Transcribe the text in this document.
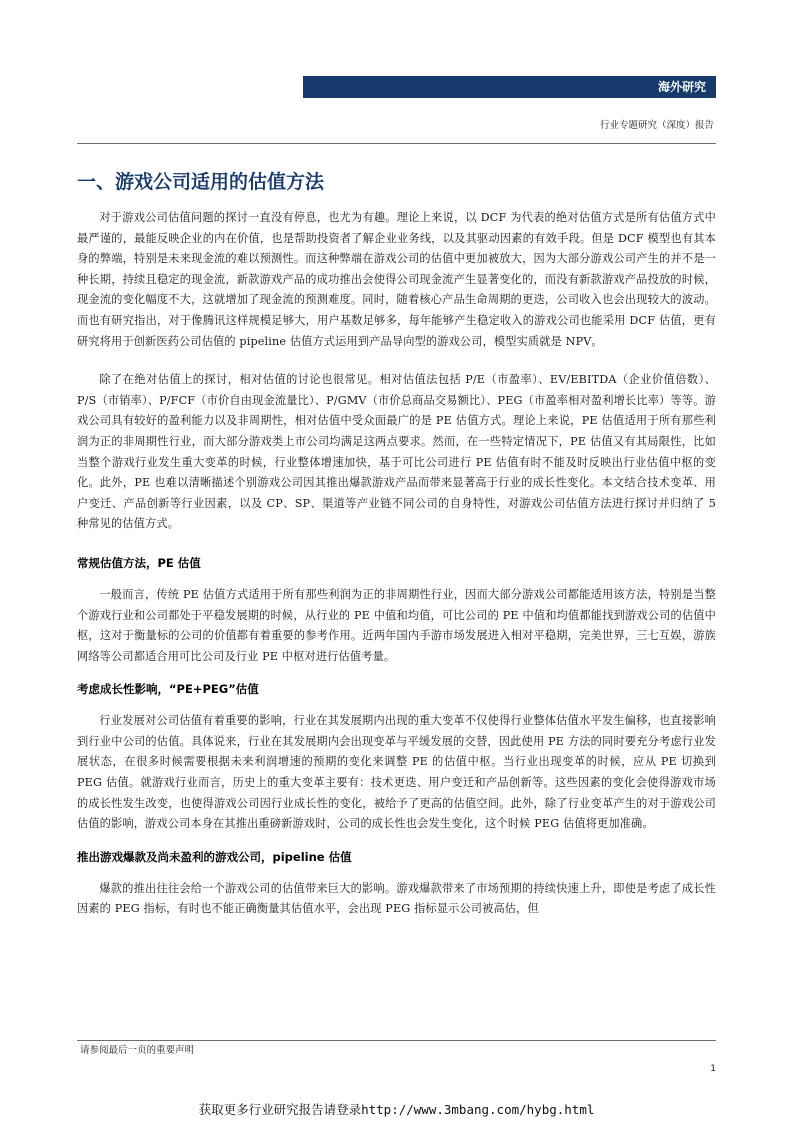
海外研究
行业专题研究（深度）报告
一、游戏公司适用的估值方法

对于游戏公司估值问题的探讨一直没有停息，也尤为有趣。理论上来说，以 DCF 为代表的绝对估值方式是所有估值方式中最严谨的，最能反映企业的内在价值，也是帮助投资者了解企业业务线，以及其驱动因素的有效手段。但是 DCF 模型也有其本身的弊端，特别是未来现金流的难以预测性。而这种弊端在游戏公司的估值中更加被放大，因为大部分游戏公司产生的并不是一种长期，持续且稳定的现金流，新款游戏产品的成功推出会使得公司现金流产生显著变化的，而没有新款游戏产品投放的时候，现金流的变化幅度不大，这就增加了现金流的预测难度。同时，随着核心产品生命周期的更迭，公司收入也会出现较大的波动。而也有研究指出，对于像腾讯这样规模足够大，用户基数足够多，每年能够产生稳定收入的游戏公司也能采用 DCF 估值，更有研究将用于创新医药公司估值的 pipeline 估值方式运用到产品导向型的游戏公司，模型实质就是 NPV。

除了在绝对估值上的探讨，相对估值的讨论也很常见。相对估值法包括 P/E（市盈率）、EV/EBITDA（企业价值倍数）、P/S（市销率）、P/FCF（市价自由现金流量比）、P/GMV（市价总商品交易额比）、PEG（市盈率相对盈利增长比率）等等。游戏公司具有较好的盈利能力以及非周期性，相对估值中受众面最广的是 PE 估值方式。理论上来说，PE 估值适用于所有那些利润为正的非周期性行业，而大部分游戏类上市公司均满足这两点要求。然而，在一些特定情况下，PE 估值又有其局限性，比如当整个游戏行业发生重大变革的时候，行业整体增速加快，基于可比公司进行 PE 估值有时不能及时反映出行业估值中枢的变化。此外，PE 也难以清晰描述个别游戏公司因其推出爆款游戏产品而带来显著高于行业的成长性变化。本文结合技术变革、用户变迁、产品创新等行业因素，以及 CP、SP、渠道等产业链不同公司的自身特性，对游戏公司估值方法进行探讨并归纳了 5 种常见的估值方式。

常规估值方法，PE 估值

一般而言，传统 PE 估值方式适用于所有那些利润为正的非周期性行业，因而大部分游戏公司都能适用该方法，特别是当整个游戏行业和公司都处于平稳发展期的时候，从行业的 PE 中值和均值，可比公司的 PE 中值和均值都能找到游戏公司的估值中枢，这对于衡量标的公司的价值都有着重要的参考作用。近两年国内手游市场发展进入相对平稳期，完美世界，三七互娱，游族网络等公司都适合用可比公司及行业 PE 中枢对进行估值考量。

考虑成长性影响，“PE+PEG”估值

行业发展对公司估值有着重要的影响，行业在其发展期内出现的重大变革不仅使得行业整体估值水平发生偏移，也直接影响到行业中公司的估值。具体说来，行业在其发展期内会出现变革与平缓发展的交替，因此使用 PE 方法的同时要充分考虑行业发展状态，在很多时候需要根据未来利润增速的预期的变化来调整 PE 的估值中枢。当行业出现变革的时候，应从 PE 切换到 PEG 估值。就游戏行业而言，历史上的重大变革主要有：技术更迭、用户变迁和产品创新等。这些因素的变化会使得游戏市场的成长性发生改变，也使得游戏公司因行业成长性的变化，被给予了更高的估值空间。此外，除了行业变革产生的对于游戏公司估值的影响，游戏公司本身在其推出重磅新游戏时，公司的成长性也会发生变化，这个时候 PEG 估值将更加准确。

推出游戏爆款及尚未盈利的游戏公司，pipeline 估值

爆款的推出往往会给一个游戏公司的估值带来巨大的影响。游戏爆款带来了市场预期的持续快速上升，即使是考虑了成长性因素的 PEG 指标，有时也不能正确衡量其估值水平，会出现 PEG 指标显示公司被高估，但

请参阅最后一页的重要声明
1
获取更多行业研究报告请登录http://www.3mbang.com/hybg.html
